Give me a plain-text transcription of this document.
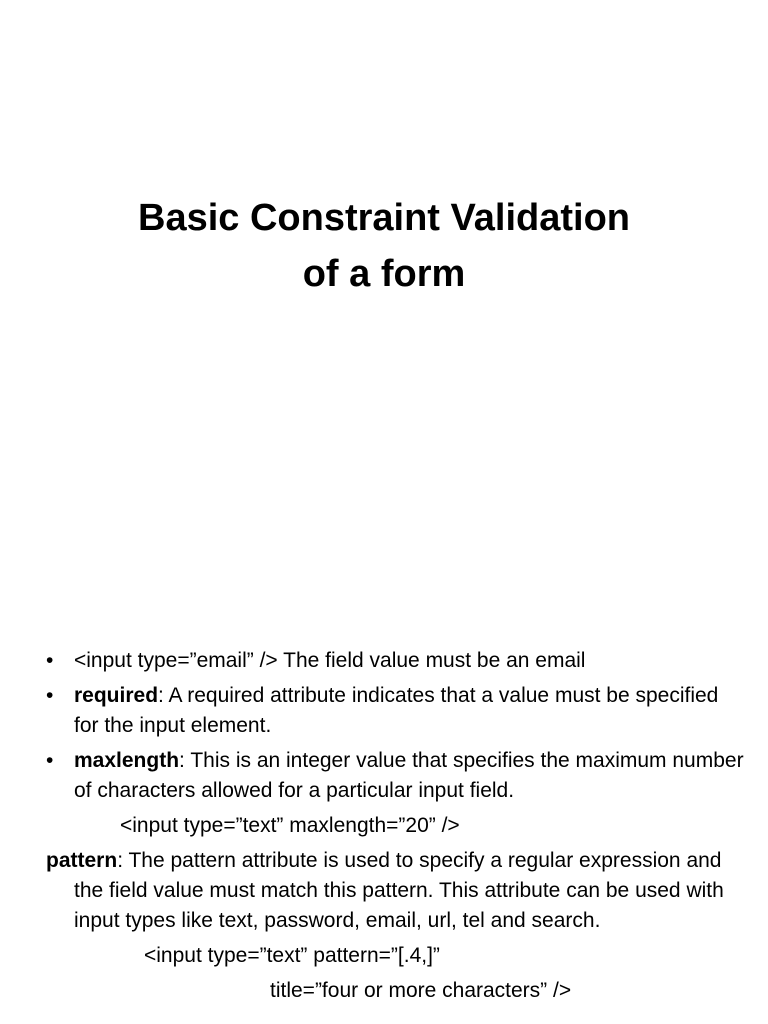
Basic Constraint Validation
of a form
• <input type=”email” /> The field value must be an email
• required: A required attribute indicates that a value must be specified for the input element.
• maxlength: This is an integer value that specifies the maximum number of characters allowed for a particular input field.
<input type=”text” maxlength=”20” />
pattern: The pattern attribute is used to specify a regular expression and the field value must match this pattern. This attribute can be used with input types like text, password, email, url, tel and search.
<input type=”text” pattern=”[.4,]”
title=”four or more characters” />
